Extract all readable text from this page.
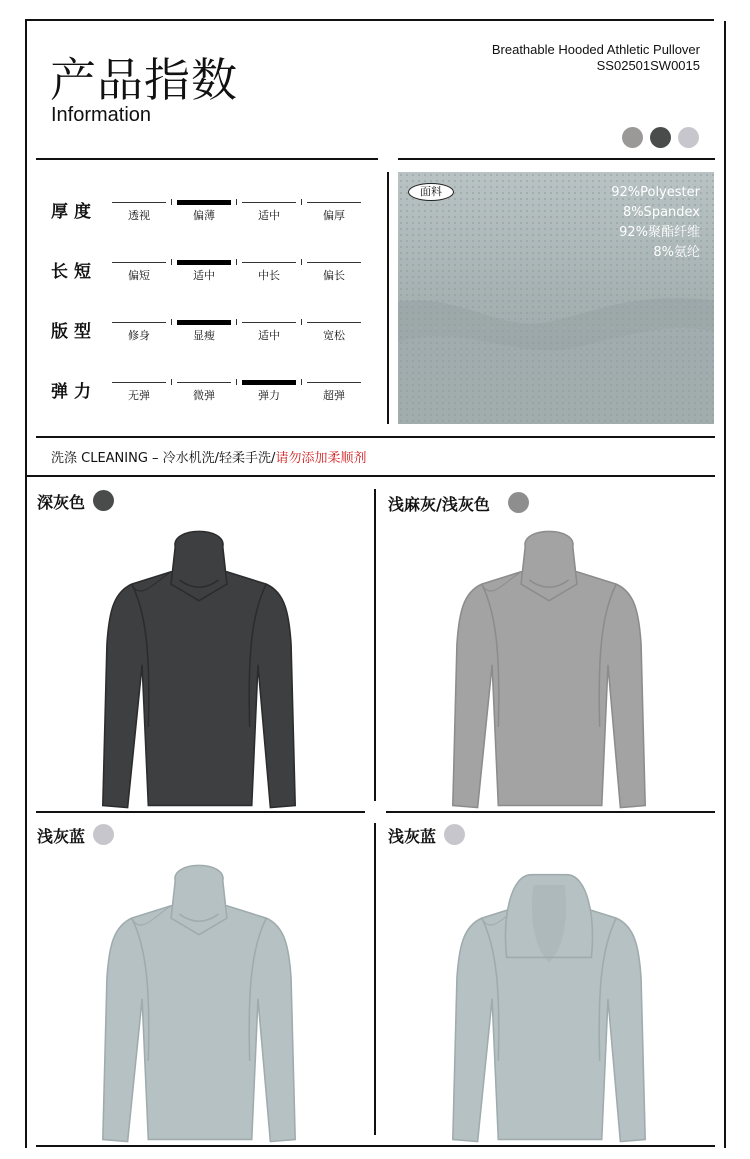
产品指数
Information
Breathable Hooded Athletic Pullover
SS02501SW0015
厚度	透视	偏薄	适中	偏厚
长短	偏短	适中	中长	偏长
版型	修身	显瘦	适中	宽松
弹力	无弹	微弹	弹力	超弹
面料	92%Polyester
8%Spandex
92%聚酯纤维
8%氨纶
洗涤 CLEANING – 冷水机洗/轻柔手洗/请勿添加柔顺剂
深灰色	浅麻灰/浅灰色
浅灰蓝	浅灰蓝
